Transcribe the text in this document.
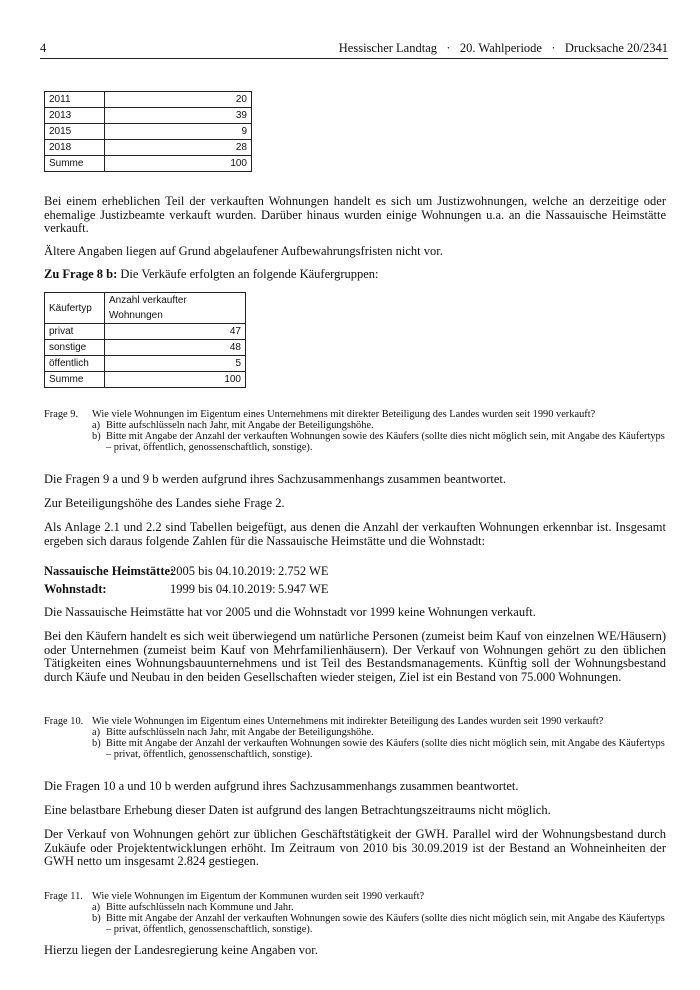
4	Hessischer Landtag   ·   20. Wahlperiode   ·   Drucksache 20/2341
2011	20
2013	39
2015	9
2018	28
Summe	100
Bei einem erheblichen Teil der verkauften Wohnungen handelt es sich um Justizwohnungen, welche an derzeitige oder ehemalige Justizbeamte verkauft wurden. Darüber hinaus wurden einige Wohnungen u.a. an die Nassauische Heimstätte verkauft.
Ältere Angaben liegen auf Grund abgelaufener Aufbewahrungsfristen nicht vor.
Zu Frage 8 b: Die Verkäufe erfolgten an folgende Käufergruppen:
Käufertyp	Anzahl verkaufter Wohnungen
privat	47
sonstige	48
öffentlich	5
Summe	100
Frage 9. Wie viele Wohnungen im Eigentum eines Unternehmens mit direkter Beteiligung des Landes wurden seit 1990 verkauft?
a) Bitte aufschlüsseln nach Jahr, mit Angabe der Beteiligungshöhe.
b) Bitte mit Angabe der Anzahl der verkauften Wohnungen sowie des Käufers (sollte dies nicht möglich sein, mit Angabe des Käufertyps – privat, öffentlich, genossenschaftlich, sonstige).
Die Fragen 9 a und 9 b werden aufgrund ihres Sachzusammenhangs zusammen beantwortet.
Zur Beteiligungshöhe des Landes siehe Frage 2.
Als Anlage 2.1 und 2.2 sind Tabellen beigefügt, aus denen die Anzahl der verkauften Wohnungen erkennbar ist. Insgesamt ergeben sich daraus folgende Zahlen für die Nassauische Heimstätte und die Wohnstadt:
Nassauische Heimstätte:2005 bis 04.10.2019: 2.752 WE
Wohnstadt:	1999 bis 04.10.2019: 5.947 WE
Die Nassauische Heimstätte hat vor 2005 und die Wohnstadt vor 1999 keine Wohnungen verkauft.
Bei den Käufern handelt es sich weit überwiegend um natürliche Personen (zumeist beim Kauf von einzelnen WE/Häusern) oder Unternehmen (zumeist beim Kauf von Mehrfamilienhäusern). Der Verkauf von Wohnungen gehört zu den üblichen Tätigkeiten eines Wohnungsbauunternehmens und ist Teil des Bestandsmanagements. Künftig soll der Wohnungsbestand durch Käufe und Neubau in den beiden Gesellschaften wieder steigen, Ziel ist ein Bestand von 75.000 Wohnungen.
Frage 10. Wie viele Wohnungen im Eigentum eines Unternehmens mit indirekter Beteiligung des Landes wurden seit 1990 verkauft?
a) Bitte aufschlüsseln nach Jahr, mit Angabe der Beteiligungshöhe.
b) Bitte mit Angabe der Anzahl der verkauften Wohnungen sowie des Käufers (sollte dies nicht möglich sein, mit Angabe des Käufertyps – privat, öffentlich, genossenschaftlich, sonstige).
Die Fragen 10 a und 10 b werden aufgrund ihres Sachzusammenhangs zusammen beantwortet.
Eine belastbare Erhebung dieser Daten ist aufgrund des langen Betrachtungszeitraums nicht möglich.
Der Verkauf von Wohnungen gehört zur üblichen Geschäftstätigkeit der GWH. Parallel wird der Wohnungsbestand durch Zukäufe oder Projektentwicklungen erhöht. Im Zeitraum von 2010 bis 30.09.2019 ist der Bestand an Wohneinheiten der GWH netto um insgesamt 2.824 gestiegen.
Frage 11. Wie viele Wohnungen im Eigentum der Kommunen wurden seit 1990 verkauft?
a) Bitte aufschlüsseln nach Kommune und Jahr.
b) Bitte mit Angabe der Anzahl der verkauften Wohnungen sowie des Käufers (sollte dies nicht möglich sein, mit Angabe des Käufertyps – privat, öffentlich, genossenschaftlich, sonstige).
Hierzu liegen der Landesregierung keine Angaben vor.
